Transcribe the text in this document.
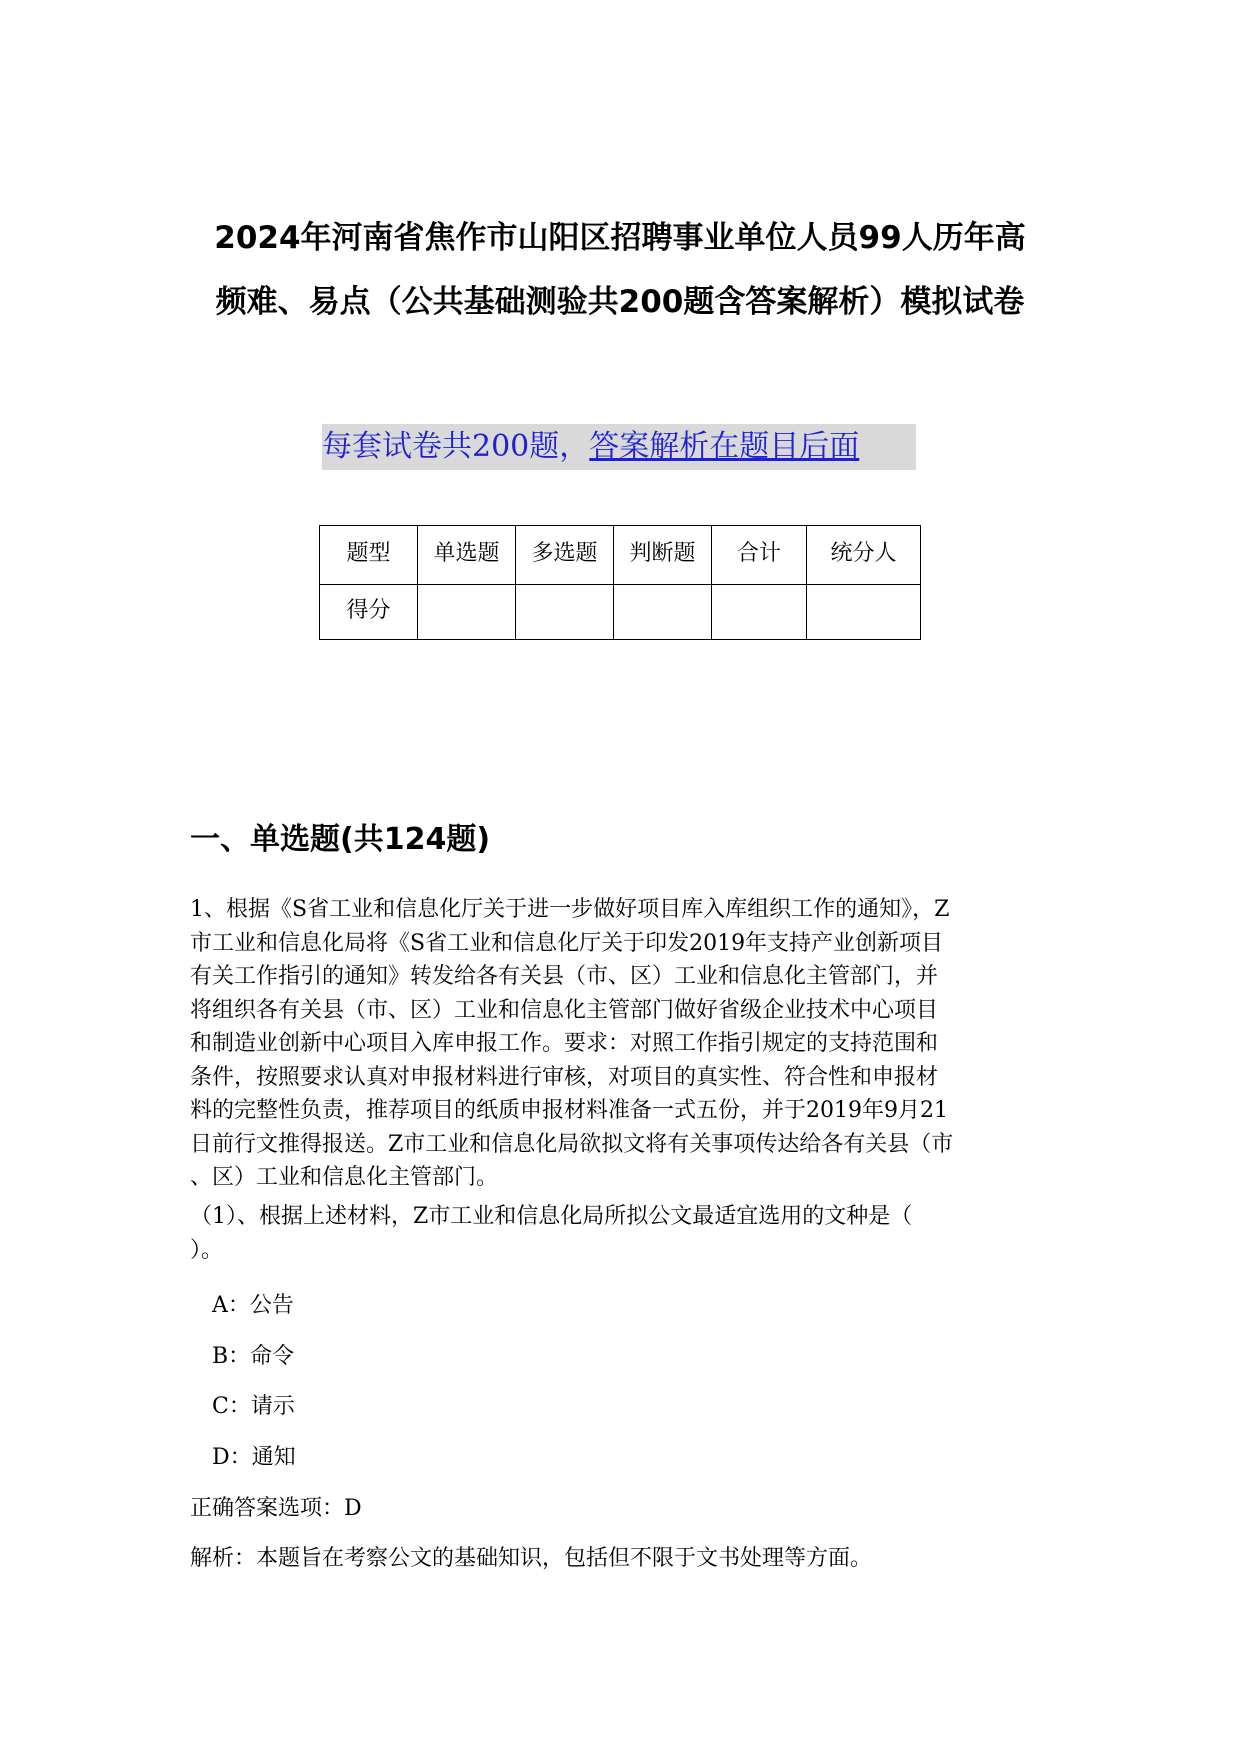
2024年河南省焦作市山阳区招聘事业单位人员99人历年高
频难、易点（公共基础测验共200题含答案解析）模拟试卷
每套试卷共200题，答案解析在题目后面
题型	单选题	多选题	判断题	合计	统分人
得分					
一、单选题(共124题)
1、根据《S省工业和信息化厅关于进一步做好项目库入库组织工作的通知》，Z
市工业和信息化局将《S省工业和信息化厅关于印发2019年支持产业创新项目
有关工作指引的通知》转发给各有关县（市、区）工业和信息化主管部门，并
将组织各有关县（市、区）工业和信息化主管部门做好省级企业技术中心项目
和制造业创新中心项目入库申报工作。要求：对照工作指引规定的支持范围和
条件，按照要求认真对申报材料进行审核，对项目的真实性、符合性和申报材
料的完整性负责，推荐项目的纸质申报材料准备一式五份，并于2019年9月21
日前行文推得报送。Z市工业和信息化局欲拟文将有关事项传达给各有关县（市
、区）工业和信息化主管部门。
（1）、根据上述材料，Z市工业和信息化局所拟公文最适宜选用的文种是（
）。

A：公告

B：命令

C：请示

D：通知

正确答案选项：D

解析：本题旨在考察公文的基础知识，包括但不限于文书处理等方面。
